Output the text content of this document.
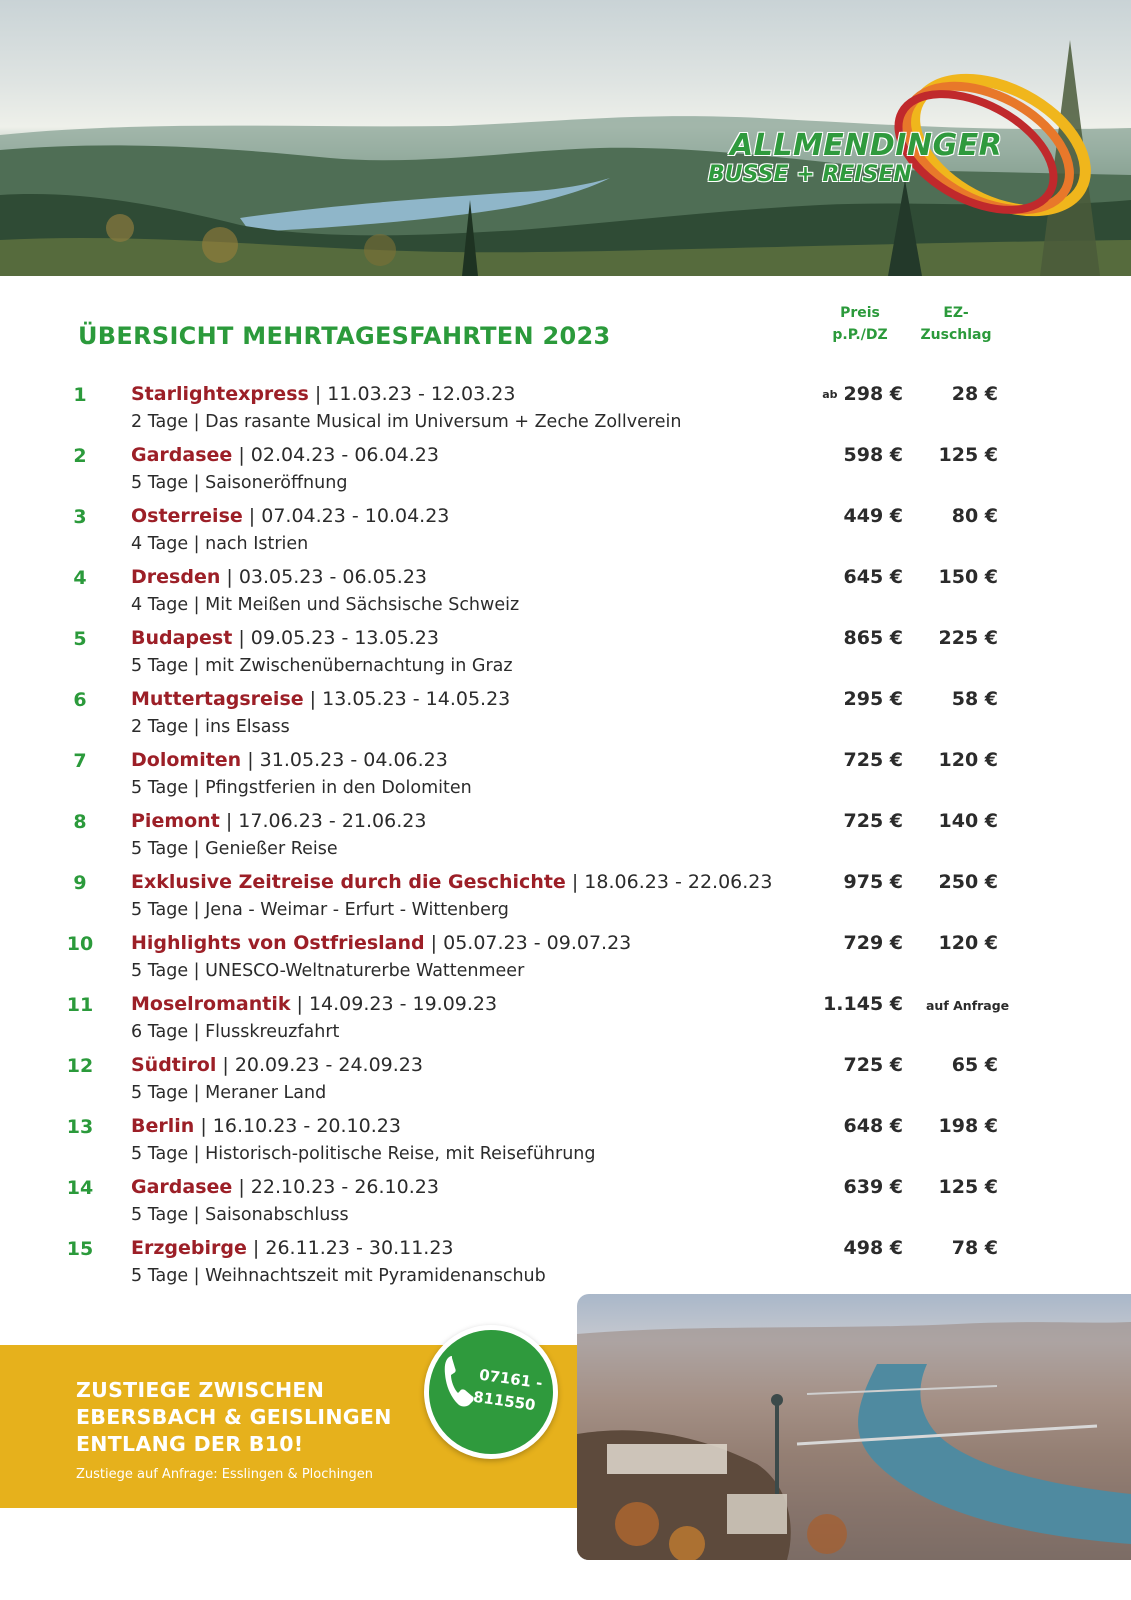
ALLMENDINGER
BUSSE + REISEN
ÜBERSICHT MEHRTAGESFAHRTEN 2023
Preis
p.P./DZ
EZ-
Zuschlag
1	Starlightexpress | 11.03.23 - 12.03.23
2 Tage | Das rasante Musical im Universum + Zeche Zollverein
ab 298 €	28 €
2	Gardasee | 02.04.23 - 06.04.23
5 Tage | Saisoneröffnung
598 €	125 €
3	Osterreise | 07.04.23 - 10.04.23
4 Tage | nach Istrien
449 €	80 €
4	Dresden | 03.05.23 - 06.05.23
4 Tage | Mit Meißen und Sächsische Schweiz
645 €	150 €
5	Budapest | 09.05.23 - 13.05.23
5 Tage | mit Zwischenübernachtung in Graz
865 €	225 €
6	Muttertagsreise | 13.05.23 - 14.05.23
2 Tage | ins Elsass
295 €	58 €
7	Dolomiten | 31.05.23 - 04.06.23
5 Tage | Pfingstferien in den Dolomiten
725 €	120 €
8	Piemont | 17.06.23 - 21.06.23
5 Tage | Genießer Reise
725 €	140 €
9	Exklusive Zeitreise durch die Geschichte | 18.06.23 - 22.06.23
5 Tage | Jena - Weimar - Erfurt - Wittenberg
975 €	250 €
10	Highlights von Ostfriesland | 05.07.23 - 09.07.23
5 Tage | UNESCO-Weltnaturerbe Wattenmeer
729 €	120 €
11	Moselromantik | 14.09.23 - 19.09.23
6 Tage | Flusskreuzfahrt
1.145 € auf Anfrage
12	Südtirol | 20.09.23 - 24.09.23
5 Tage | Meraner Land
725 €	65 €
13	Berlin | 16.10.23 - 20.10.23
5 Tage | Historisch-politische Reise, mit Reiseführung
648 €	198 €
14	Gardasee | 22.10.23 - 26.10.23
5 Tage | Saisonabschluss
639 €	125 €
15	Erzgebirge | 26.11.23 - 30.11.23
5 Tage | Weihnachtszeit mit Pyramidenanschub
498 €	78 €
ZUSTIEGE ZWISCHEN
EBERSBACH & GEISLINGEN
ENTLANG DER B10!
Zustiege auf Anfrage: Esslingen & Plochingen
07161 -
811550
